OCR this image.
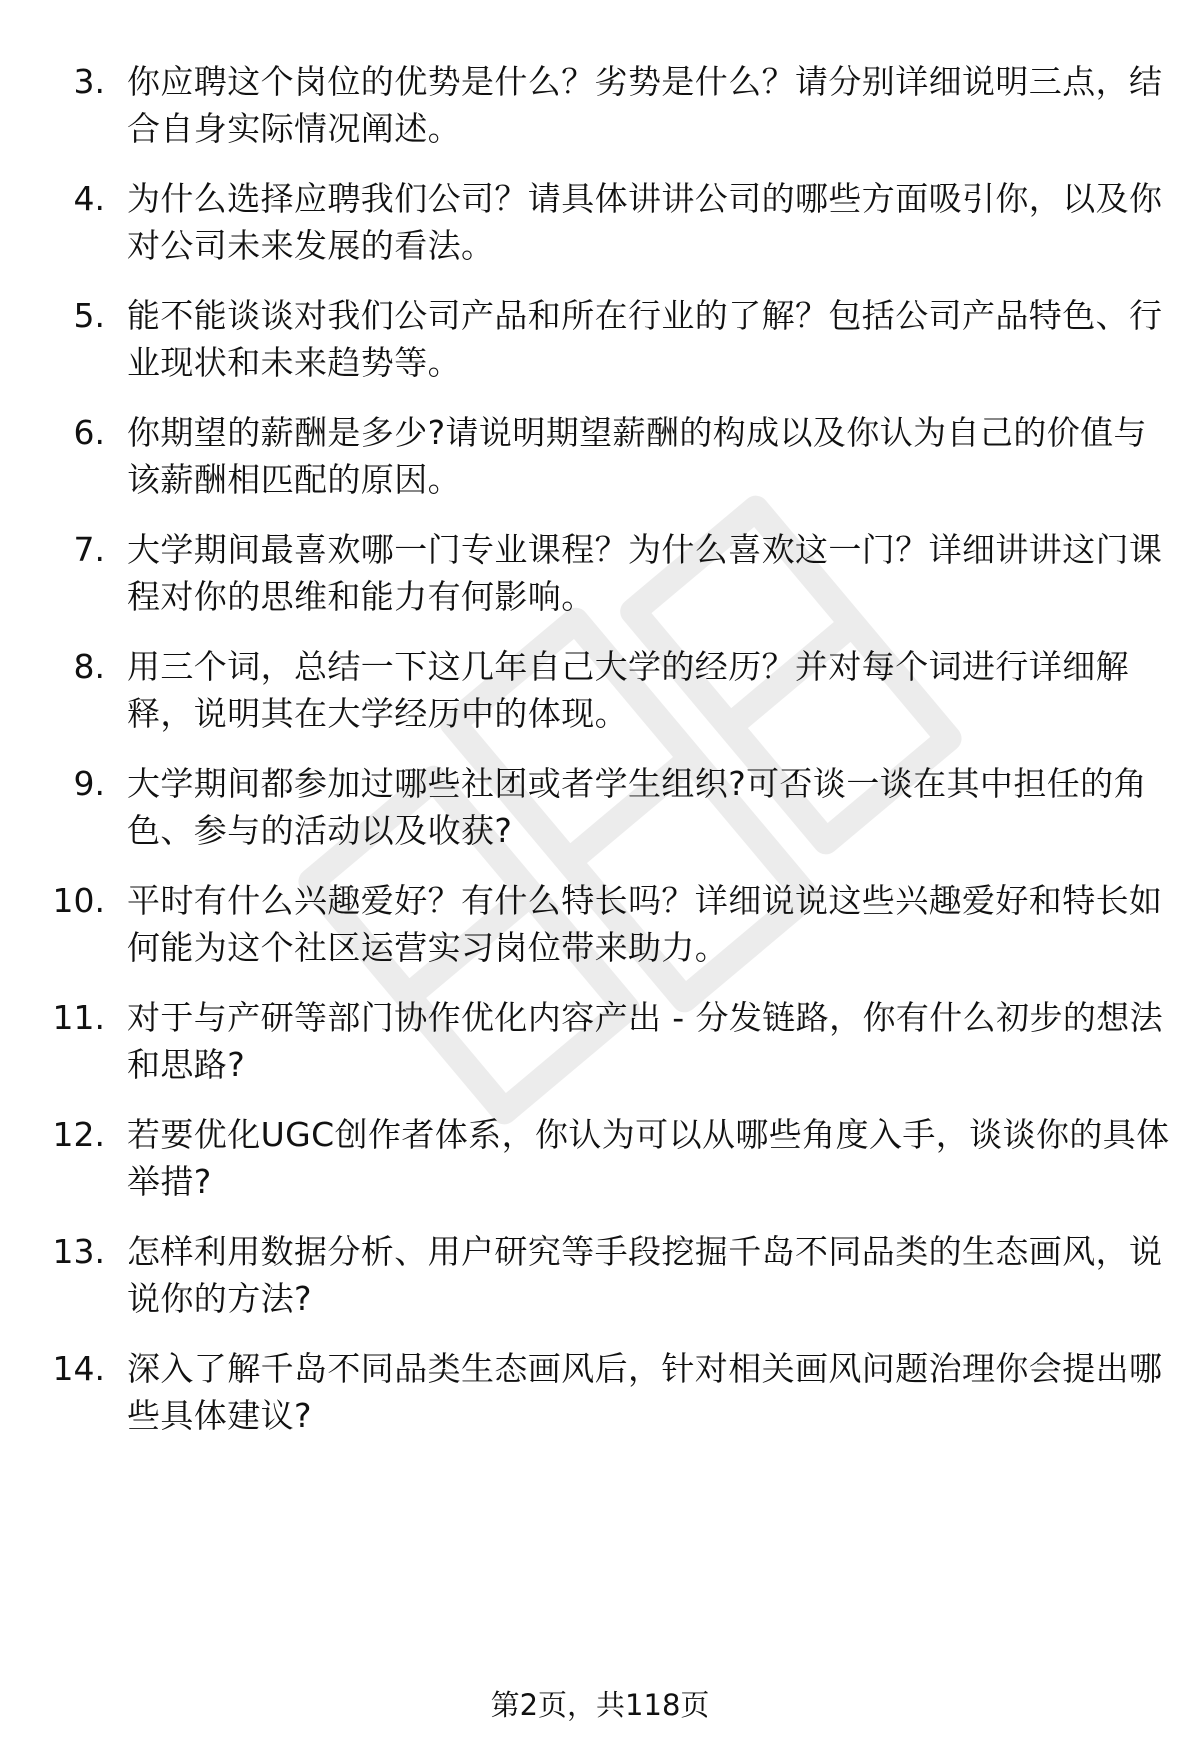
3. 你应聘这个岗位的优势是什么？劣势是什么？请分别详细说明三点，结合自身实际情况阐述。
4. 为什么选择应聘我们公司？请具体讲讲公司的哪些方面吸引你，以及你对公司未来发展的看法。
5. 能不能谈谈对我们公司产品和所在行业的了解？包括公司产品特色、行业现状和未来趋势等。
6. 你期望的薪酬是多少?请说明期望薪酬的构成以及你认为自己的价值与该薪酬相匹配的原因。
7. 大学期间最喜欢哪一门专业课程？为什么喜欢这一门？详细讲讲这门课程对你的思维和能力有何影响。
8. 用三个词，总结一下这几年自己大学的经历？并对每个词进行详细解释，说明其在大学经历中的体现。
9. 大学期间都参加过哪些社团或者学生组织?可否谈一谈在其中担任的角色、参与的活动以及收获?
10. 平时有什么兴趣爱好？有什么特长吗？详细说说这些兴趣爱好和特长如何能为这个社区运营实习岗位带来助力。
11. 对于与产研等部门协作优化内容产出 - 分发链路，你有什么初步的想法和思路?
12. 若要优化UGC创作者体系，你认为可以从哪些角度入手，谈谈你的具体举措?
13. 怎样利用数据分析、用户研究等手段挖掘千岛不同品类的生态画风，说说你的方法?
14. 深入了解千岛不同品类生态画风后，针对相关画风问题治理你会提出哪些具体建议?
第2页，共118页
